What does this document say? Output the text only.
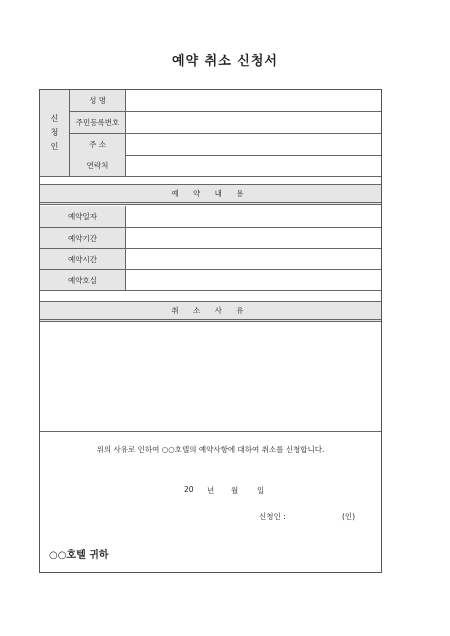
예약 취소 신청서
신
청
인
성 명
주민등록번호
주 소
연락처
예 약 내 용
예약일자
예약기간
예약시간
예약호실
취 소 사 유
위의 사유로 인하여 ○○호텔의 예약사항에 대하여 취소를 신청합니다.
20 년 월	일
신청인 :	(인)
○○호텔 귀하
